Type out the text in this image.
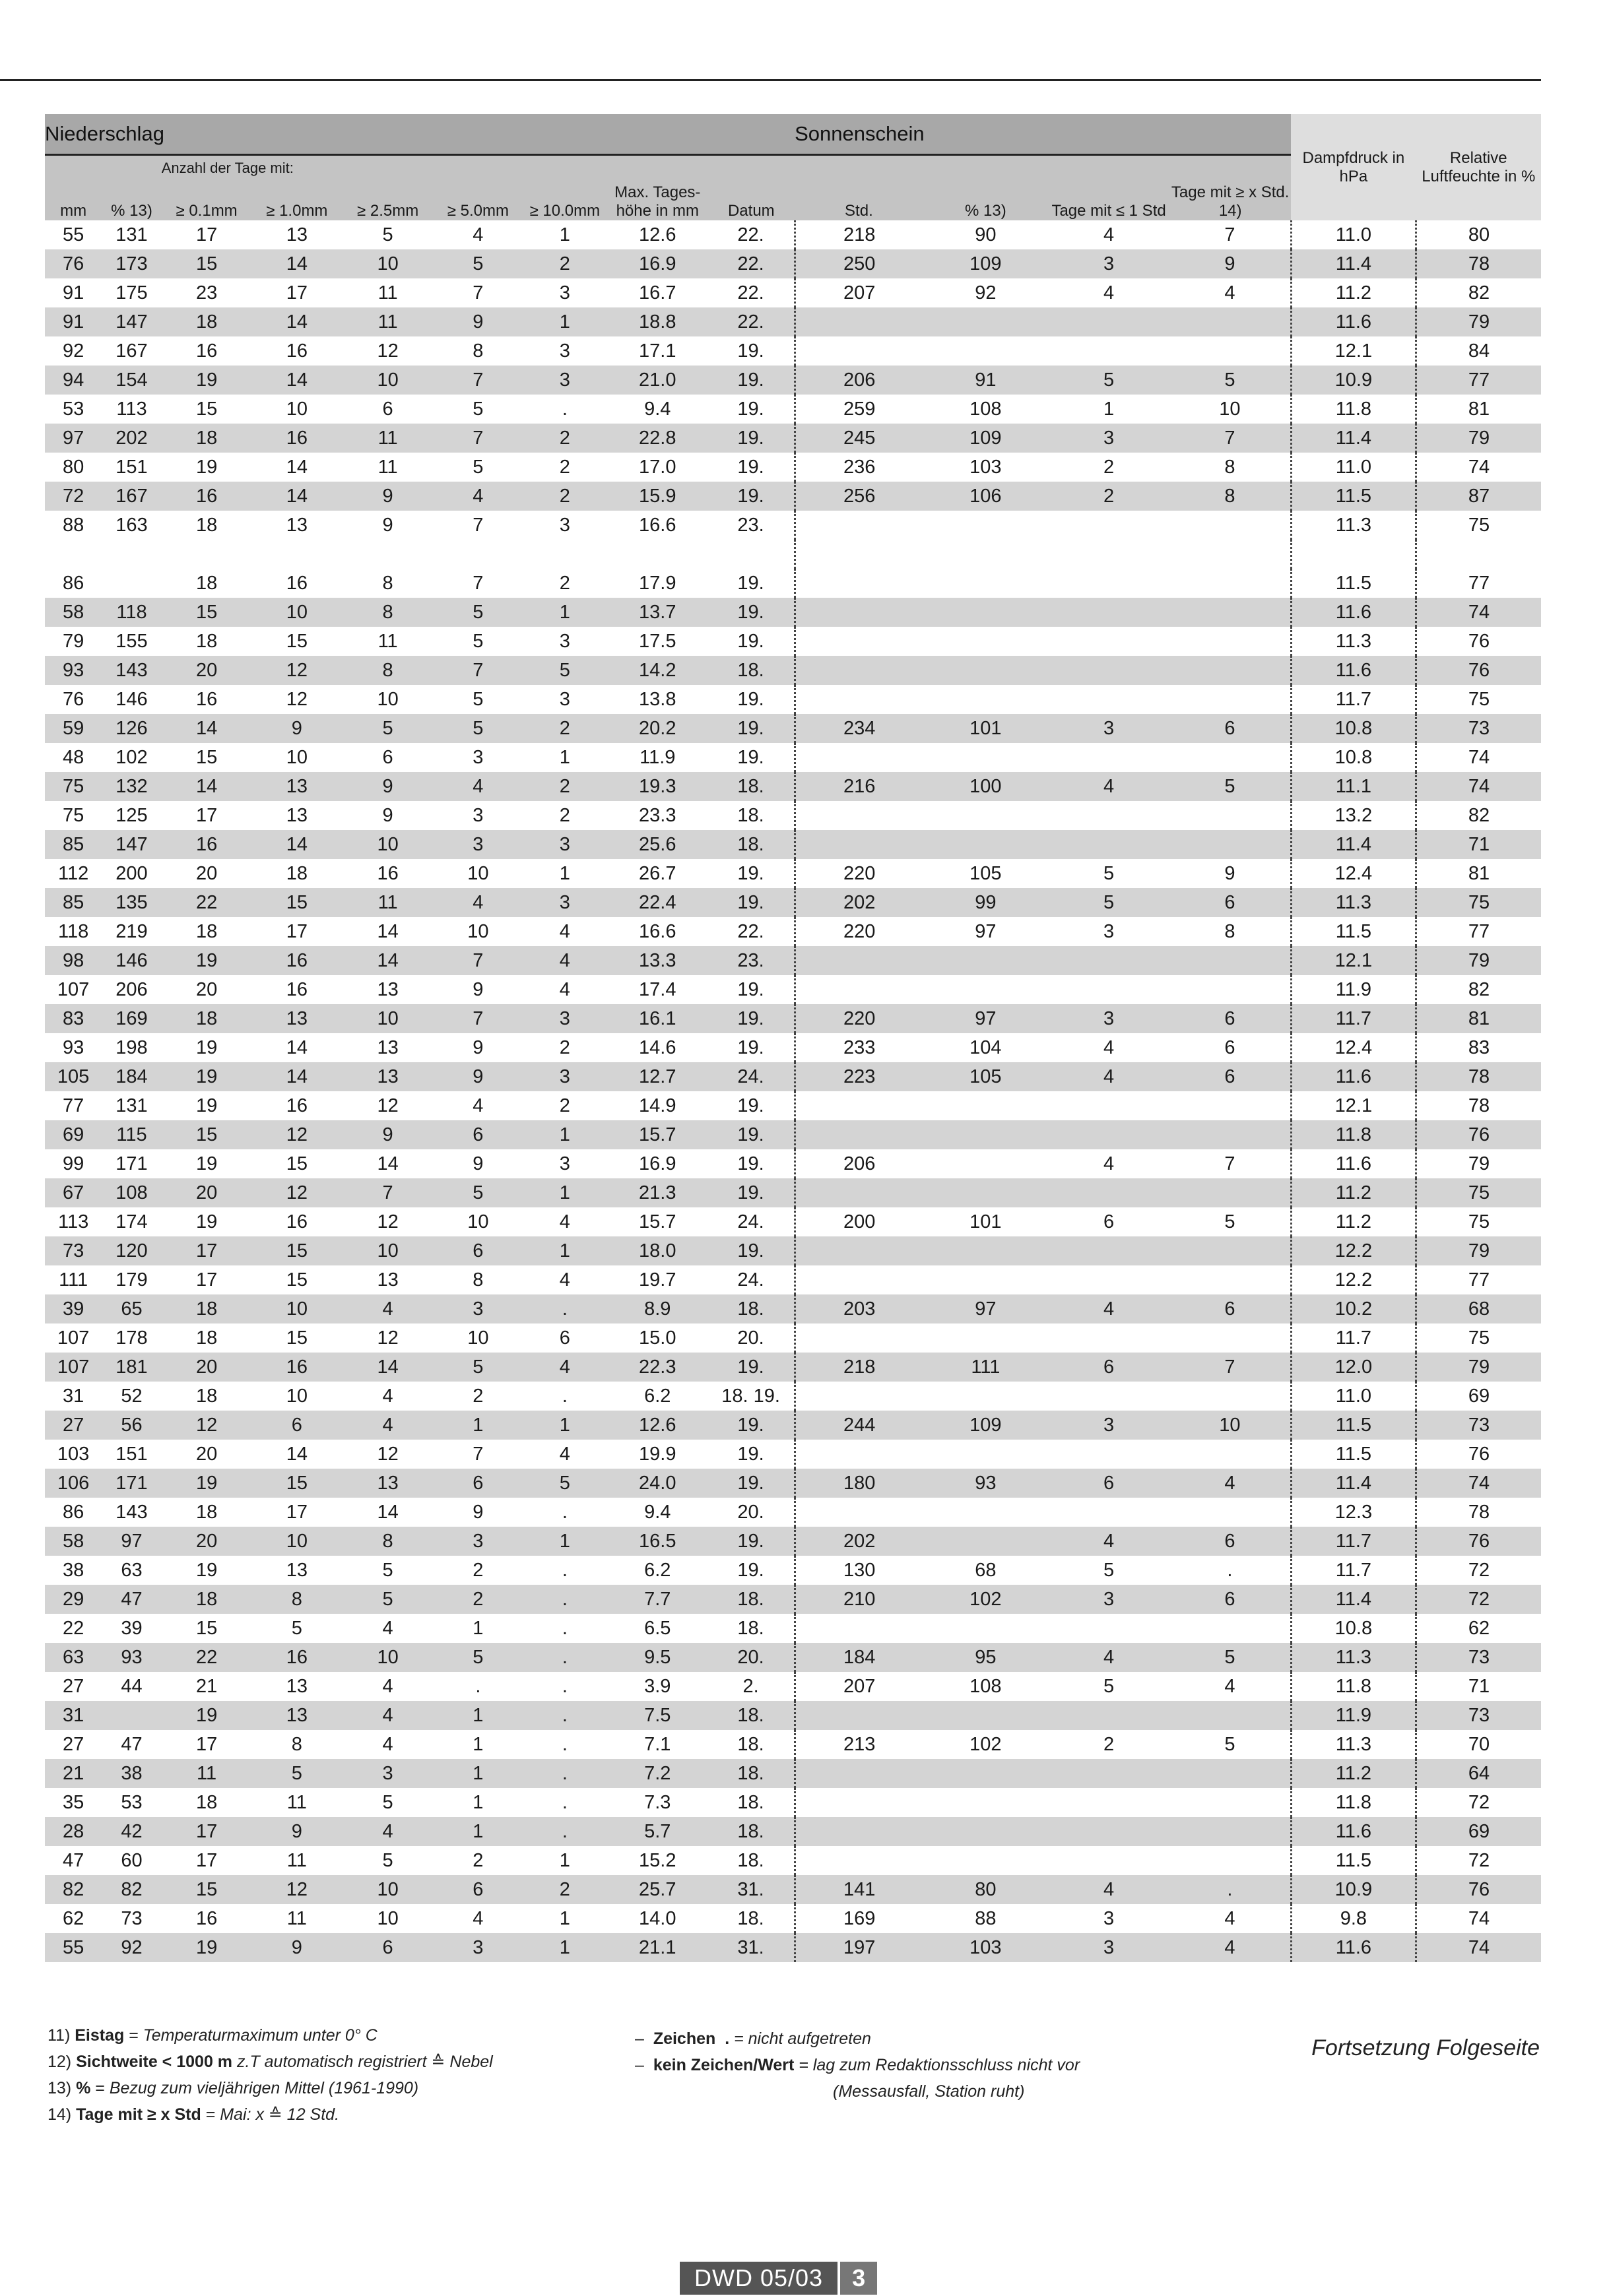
Niederschlag									Sonnenschein				Dampfdruck in hPa	Relative Luftfeuchte in %
		Anzahl der Tage mit:					Max. Tages-höhe in mm	Datum	Std.	% 13)	Tage mit ≤ 1 Std	Tage mit ≥ x Std. 14)		
mm	% 13)	≥ 0.1mm	≥ 1.0mm	≥ 2.5mm	≥ 5.0mm	≥ 10.0mm								
55	131	17	13	5	4	1	12.6	22.	218	90	4	7	11.0	80
76	173	15	14	10	5	2	16.9	22.	250	109	3	9	11.4	78
91	175	23	17	11	7	3	16.7	22.	207	92	4	4	11.2	82
91	147	18	14	11	9	1	18.8	22.					11.6	79
92	167	16	16	12	8	3	17.1	19.					12.1	84
94	154	19	14	10	7	3	21.0	19.	206	91	5	5	10.9	77
53	113	15	10	6	5	.	9.4	19.	259	108	1	10	11.8	81
97	202	18	16	11	7	2	22.8	19.	245	109	3	7	11.4	79
80	151	19	14	11	5	2	17.0	19.	236	103	2	8	11.0	74
72	167	16	14	9	4	2	15.9	19.	256	106	2	8	11.5	87
88	163	18	13	9	7	3	16.6	23.					11.3	75

86		18	16	8	7	2	17.9	19.					11.5	77
58	118	15	10	8	5	1	13.7	19.					11.6	74
79	155	18	15	11	5	3	17.5	19.					11.3	76
93	143	20	12	8	7	5	14.2	18.					11.6	76
76	146	16	12	10	5	3	13.8	19.					11.7	75
59	126	14	9	5	5	2	20.2	19.	234	101	3	6	10.8	73
48	102	15	10	6	3	1	11.9	19.					10.8	74
75	132	14	13	9	4	2	19.3	18.	216	100	4	5	11.1	74
75	125	17	13	9	3	2	23.3	18.					13.2	82
85	147	16	14	10	3	3	25.6	18.					11.4	71
112	200	20	18	16	10	1	26.7	19.	220	105	5	9	12.4	81
85	135	22	15	11	4	3	22.4	19.	202	99	5	6	11.3	75
118	219	18	17	14	10	4	16.6	22.	220	97	3	8	11.5	77
98	146	19	16	14	7	4	13.3	23.					12.1	79
107	206	20	16	13	9	4	17.4	19.					11.9	82
83	169	18	13	10	7	3	16.1	19.	220	97	3	6	11.7	81
93	198	19	14	13	9	2	14.6	19.	233	104	4	6	12.4	83
105	184	19	14	13	9	3	12.7	24.	223	105	4	6	11.6	78
77	131	19	16	12	4	2	14.9	19.					12.1	78
69	115	15	12	9	6	1	15.7	19.					11.8	76
99	171	19	15	14	9	3	16.9	19.	206		4	7	11.6	79
67	108	20	12	7	5	1	21.3	19.					11.2	75
113	174	19	16	12	10	4	15.7	24.	200	101	6	5	11.2	75
73	120	17	15	10	6	1	18.0	19.					12.2	79
111	179	17	15	13	8	4	19.7	24.					12.2	77
39	65	18	10	4	3	.	8.9	18.	203	97	4	6	10.2	68
107	178	18	15	12	10	6	15.0	20.					11.7	75
107	181	20	16	14	5	4	22.3	19.	218	111	6	7	12.0	79
31	52	18	10	4	2	.	6.2	18. 19.					11.0	69
27	56	12	6	4	1	1	12.6	19.	244	109	3	10	11.5	73
103	151	20	14	12	7	4	19.9	19.					11.5	76
106	171	19	15	13	6	5	24.0	19.	180	93	6	4	11.4	74
86	143	18	17	14	9	.	9.4	20.					12.3	78
58	97	20	10	8	3	1	16.5	19.	202		4	6	11.7	76
38	63	19	13	5	2	.	6.2	19.	130	68	5	.	11.7	72
29	47	18	8	5	2	.	7.7	18.	210	102	3	6	11.4	72
22	39	15	5	4	1	.	6.5	18.					10.8	62
63	93	22	16	10	5	.	9.5	20.	184	95	4	5	11.3	73
27	44	21	13	4	.	.	3.9	2.	207	108	5	4	11.8	71
31		19	13	4	1	.	7.5	18.					11.9	73
27	47	17	8	4	1	.	7.1	18.	213	102	2	5	11.3	70
21	38	11	5	3	1	.	7.2	18.					11.2	64
35	53	18	11	5	1	.	7.3	18.					11.8	72
28	42	17	9	4	1	.	5.7	18.					11.6	69
47	60	17	11	5	2	1	15.2	18.					11.5	72
82	82	15	12	10	6	2	25.7	31.	141	80	4	.	10.9	76
62	73	16	11	10	4	1	14.0	18.	169	88	3	4	9.8	74
55	92	19	9	6	3	1	21.1	31.	197	103	3	4	11.6	74
11) Eistag = Temperaturmaximum unter 0° C
12) Sichtweite < 1000 m z.T automatisch registriert ≙ Nebel
13) % = Bezug zum vieljährigen Mittel (1961-1990)
14) Tage mit ≥ x Std = Mai: x ≙ 12 Std.
– Zeichen . = nicht aufgetreten
– kein Zeichen/Wert = lag zum Redaktionsschluss nicht vor
(Messausfall, Station ruht)
Fortsetzung Folgeseite
DWD 05/03	3
